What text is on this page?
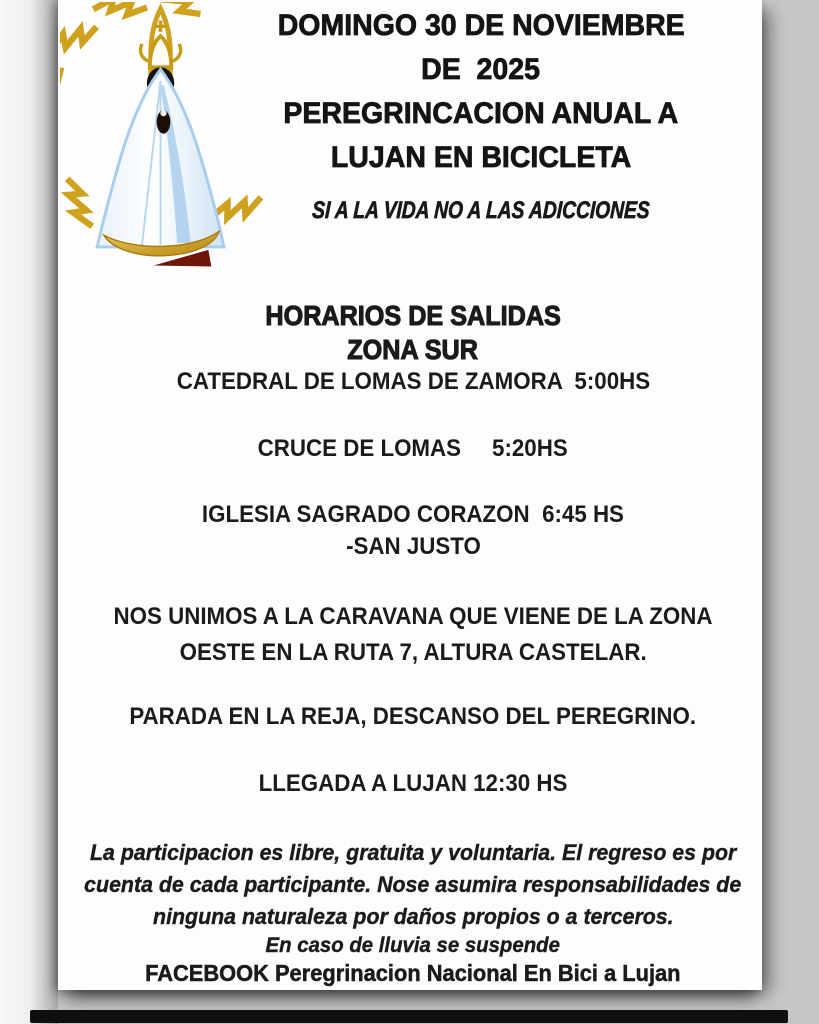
DOMINGO 30 DE NOVIEMBRE
DE  2025
PEREGRINCACION ANUAL A
LUJAN EN BICICLETA
SI A LA VIDA NO A LAS ADICCIONES
HORARIOS DE SALIDAS
ZONA SUR
CATEDRAL DE LOMAS DE ZAMORA  5:00HS
CRUCE DE LOMAS     5:20HS
IGLESIA SAGRADO CORAZON  6:45 HS
-SAN JUSTO
NOS UNIMOS A LA CARAVANA QUE VIENE DE LA ZONA
OESTE EN LA RUTA 7, ALTURA CASTELAR.
PARADA EN LA REJA, DESCANSO DEL PEREGRINO.
LLEGADA A LUJAN 12:30 HS
La participacion es libre, gratuita y voluntaria. El regreso es por
cuenta de cada participante. Nose asumira responsabilidades de
ninguna naturaleza por daños propios o a terceros.
En caso de lluvia se suspende
FACEBOOK Peregrinacion Nacional En Bici a Lujan
